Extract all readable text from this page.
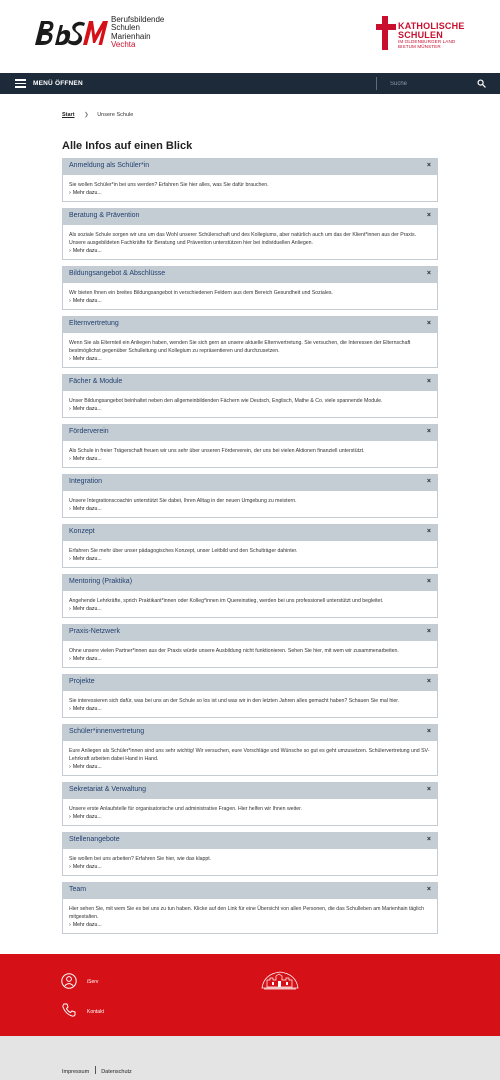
Berufsbildende
Schulen
Marienhain
Vechta
KATHOLISCHE
SCHULEN
IM OLDENBURGER LAND
BISTUM MÜNSTER
MENÜ ÖFFNEN
Suche
Start ❯ Unsere Schule
Alle Infos auf einen Blick
Anmeldung als Schüler*in	×

Sie wollen Schüler*in bei uns werden? Erfahren Sie hier alles, was Sie dafür brauchen.

› Mehr dazu...
Beratung & Prävention	×

Als soziale Schule sorgen wir uns um das Wohl unserer Schülerschaft und des Kollegiums, aber natürlich auch um das der Klient*innen aus der Praxis. Unsere ausgebildeten Fachkräfte für Beratung und Prävention unterstützen hier bei individuellen Anliegen.

› Mehr dazu...
Bildungsangebot & Abschlüsse	×

Wir bieten Ihnen ein breites Bildungsangebot in verschiedenen Feldern aus dem Bereich Gesundheit und Soziales.

› Mehr dazu...
Elternvertretung	×

Wenn Sie als Elternteil ein Anliegen haben, wenden Sie sich gern an unsere aktuelle Elternvertretung. Sie versuchen, die Interessen der Elternschaft bestmöglichst gegenüber Schulleitung und Kollegium zu repräsentieren und durchzusetzen.

› Mehr dazu...
Fächer & Module	×

Unser Bildungsangebot beinhaltet neben den allgemeinbildenden Fächern wie Deutsch, Englisch, Mathe & Co. viele spannende Module.

› Mehr dazu...
Förderverein	×

Als Schule in freier Trägerschaft freuen wir uns sehr über unseren Förderverein, der uns bei vielen Aktionen finanziell unterstützt.

› Mehr dazu...
Integration	×

Unsere Integrationscoachin unterstützt Sie dabei, Ihren Alltag in der neuen Umgebung zu meistern.

› Mehr dazu...
Konzept	×

Erfahren Sie mehr über unser pädagogisches Konzept, unser Leitbild und den Schulträger dahinter.

› Mehr dazu...
Mentoring (Praktika)	×

Angehende Lehrkräfte, sprich Praktikant*innen oder Kolleg*innen im Quereinstieg, werden bei uns professionell unterstützt und begleitet.

› Mehr dazu...
Praxis-Netzwerk	×

Ohne unsere vielen Partner*innen aus der Praxis würde unsere Ausbildung nicht funktionieren. Sehen Sie hier, mit wem wir zusammenarbeiten.

› Mehr dazu...
Projekte	×

Sie interessieren sich dafür, was bei uns an der Schule so los ist und was wir in den letzten Jahren alles gemacht haben? Schauen Sie mal hier.

› Mehr dazu...
Schüler*innenvertretung	×

Eure Anliegen als Schüler*innen sind uns sehr wichtig! Wir versuchen, eure Vorschläge und Wünsche so gut es geht umzusetzen. Schülervertretung und SV-Lehrkraft arbeiten dabei Hand in Hand.

› Mehr dazu...
Sekretariat & Verwaltung	×

Unsere erste Anlaufstelle für organisatorische und administrative Fragen. Hier helfen wir Ihnen weiter.

› Mehr dazu...
Stellenangebote	×

Sie wollen bei uns arbeiten? Erfahren Sie hier, wie das klappt.

› Mehr dazu...
Team	×

Hier sehen Sie, mit wem Sie es bei uns zu tun haben. Klicke auf den Link für eine Übersicht von allen Personen, die das Schulleben am Marienhain täglich mitgestalten.

› Mehr dazu...
iServ
Kontakt
Impressum Datenschutz
